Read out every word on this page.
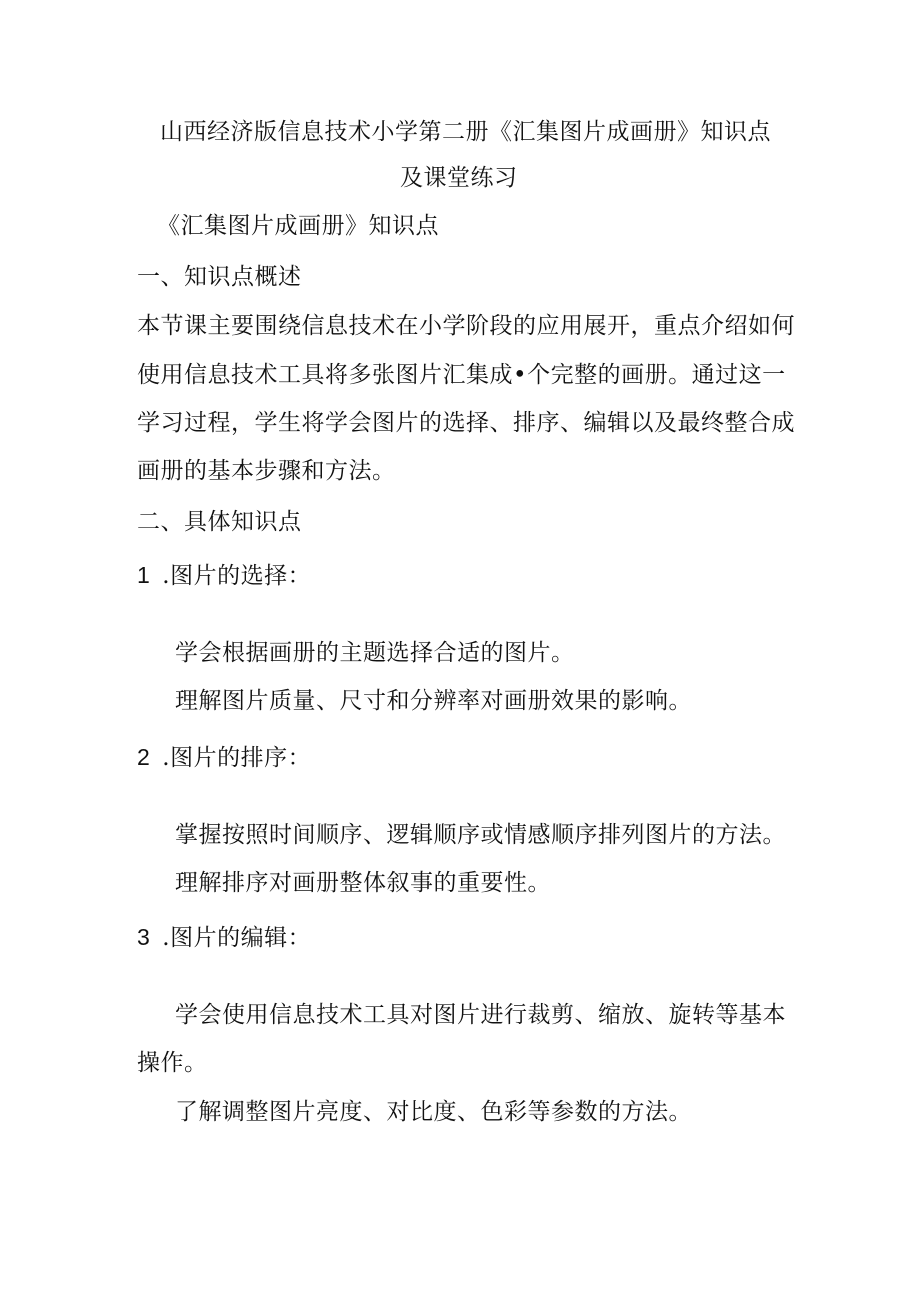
山西经济版信息技术小学第二册《汇集图片成画册》知识点
及课堂练习
《汇集图片成画册》知识点
一、知识点概述
本节课主要围绕信息技术在小学阶段的应用展开，重点介绍如何
使用信息技术工具将多张图片汇集成•个完整的画册。通过这一
学习过程，学生将学会图片的选择、排序、编辑以及最终整合成
画册的基本步骤和方法。
二、具体知识点
1 .图片的选择：
学会根据画册的主题选择合适的图片。
理解图片质量、尺寸和分辨率对画册效果的影响。
2 .图片的排序：
掌握按照时间顺序、逻辑顺序或情感顺序排列图片的方法。
理解排序对画册整体叙事的重要性。
3 .图片的编辑：
学会使用信息技术工具对图片进行裁剪、缩放、旋转等基本
操作。
了解调整图片亮度、对比度、色彩等参数的方法。
